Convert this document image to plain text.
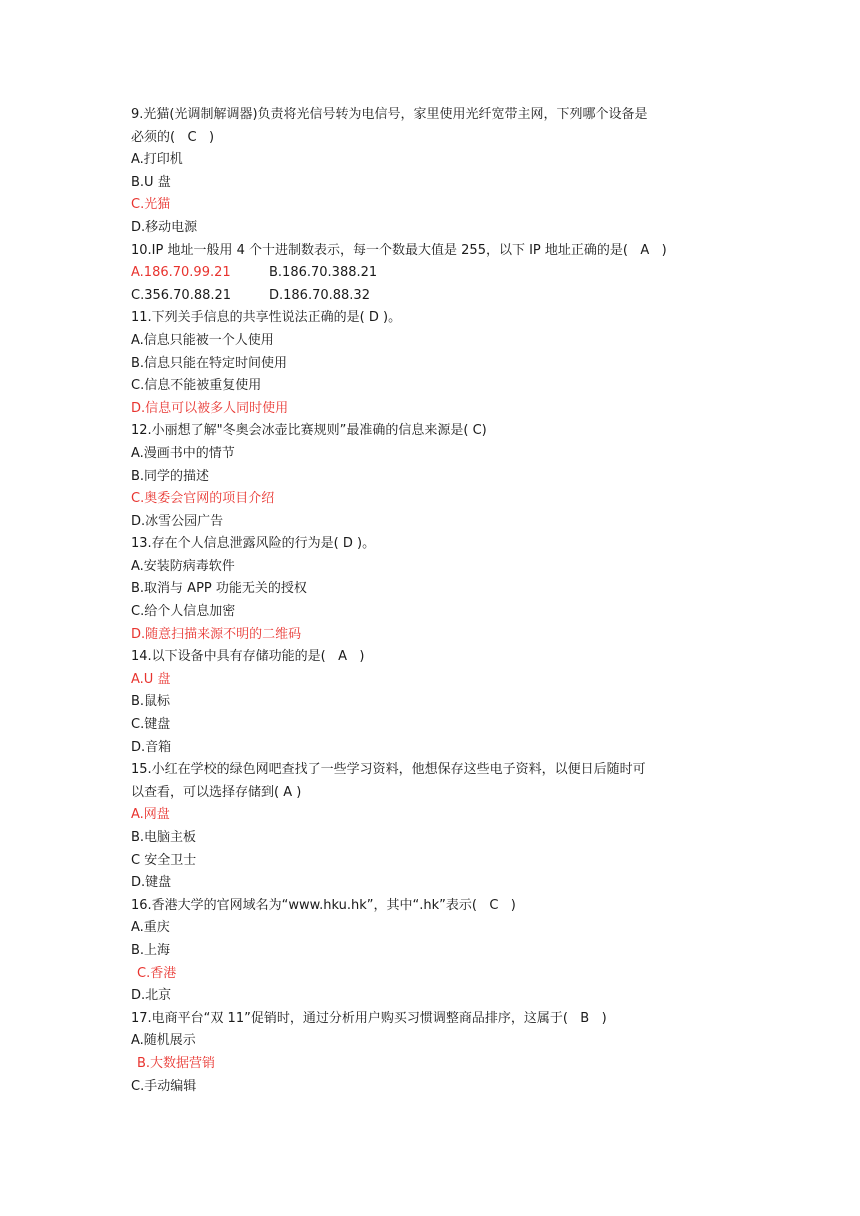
9.光猫(光调制解调器)负责将光信号转为电信号，家里使用光纤宽带主网，下列哪个设备是
必须的(   C   )
A.打印机
B.U 盘
C.光猫
D.移动电源
10.IP 地址一般用 4 个十进制数表示，每一个数最大值是 255，以下 IP 地址正确的是(   A   )
A.186.70.99.21	B.186.70.388.21
C.356.70.88.21	D.186.70.88.32
11.下列关手信息的共享性说法正确的是( D )。
A.信息只能被一个人使用
B.信息只能在特定时间使用
C.信息不能被重复使用
D.信息可以被多人同时使用
12.小丽想了解"冬奥会冰壶比赛规则”最准确的信息来源是( C)
A.漫画书中的情节
B.同学的描述
C.奥委会官网的项目介绍
D.冰雪公园广告
13.存在个人信息泄露风险的行为是( D )。
A.安装防病毒软件
B.取消与 APP 功能无关的授权
C.给个人信息加密
D.随意扫描来源不明的二维码
14.以下设备中具有存储功能的是(   A   )
A.U 盘
B.鼠标
C.键盘
D.音箱
15.小红在学校的绿色网吧查找了一些学习资料，他想保存这些电子资料，以便日后随时可
以查看，可以选择存储到( A )
A.网盘
B.电脑主板
C 安全卫士
D.键盘
16.香港大学的官网域名为“www.hku.hk”，其中“.hk”表示(   C   )
A.重庆
B.上海
C.香港
D.北京
17.电商平台“双 11”促销时，通过分析用户购买习惯调整商品排序，这属于(   B   )
A.随机展示
B.大数据营销
C.手动编辑
